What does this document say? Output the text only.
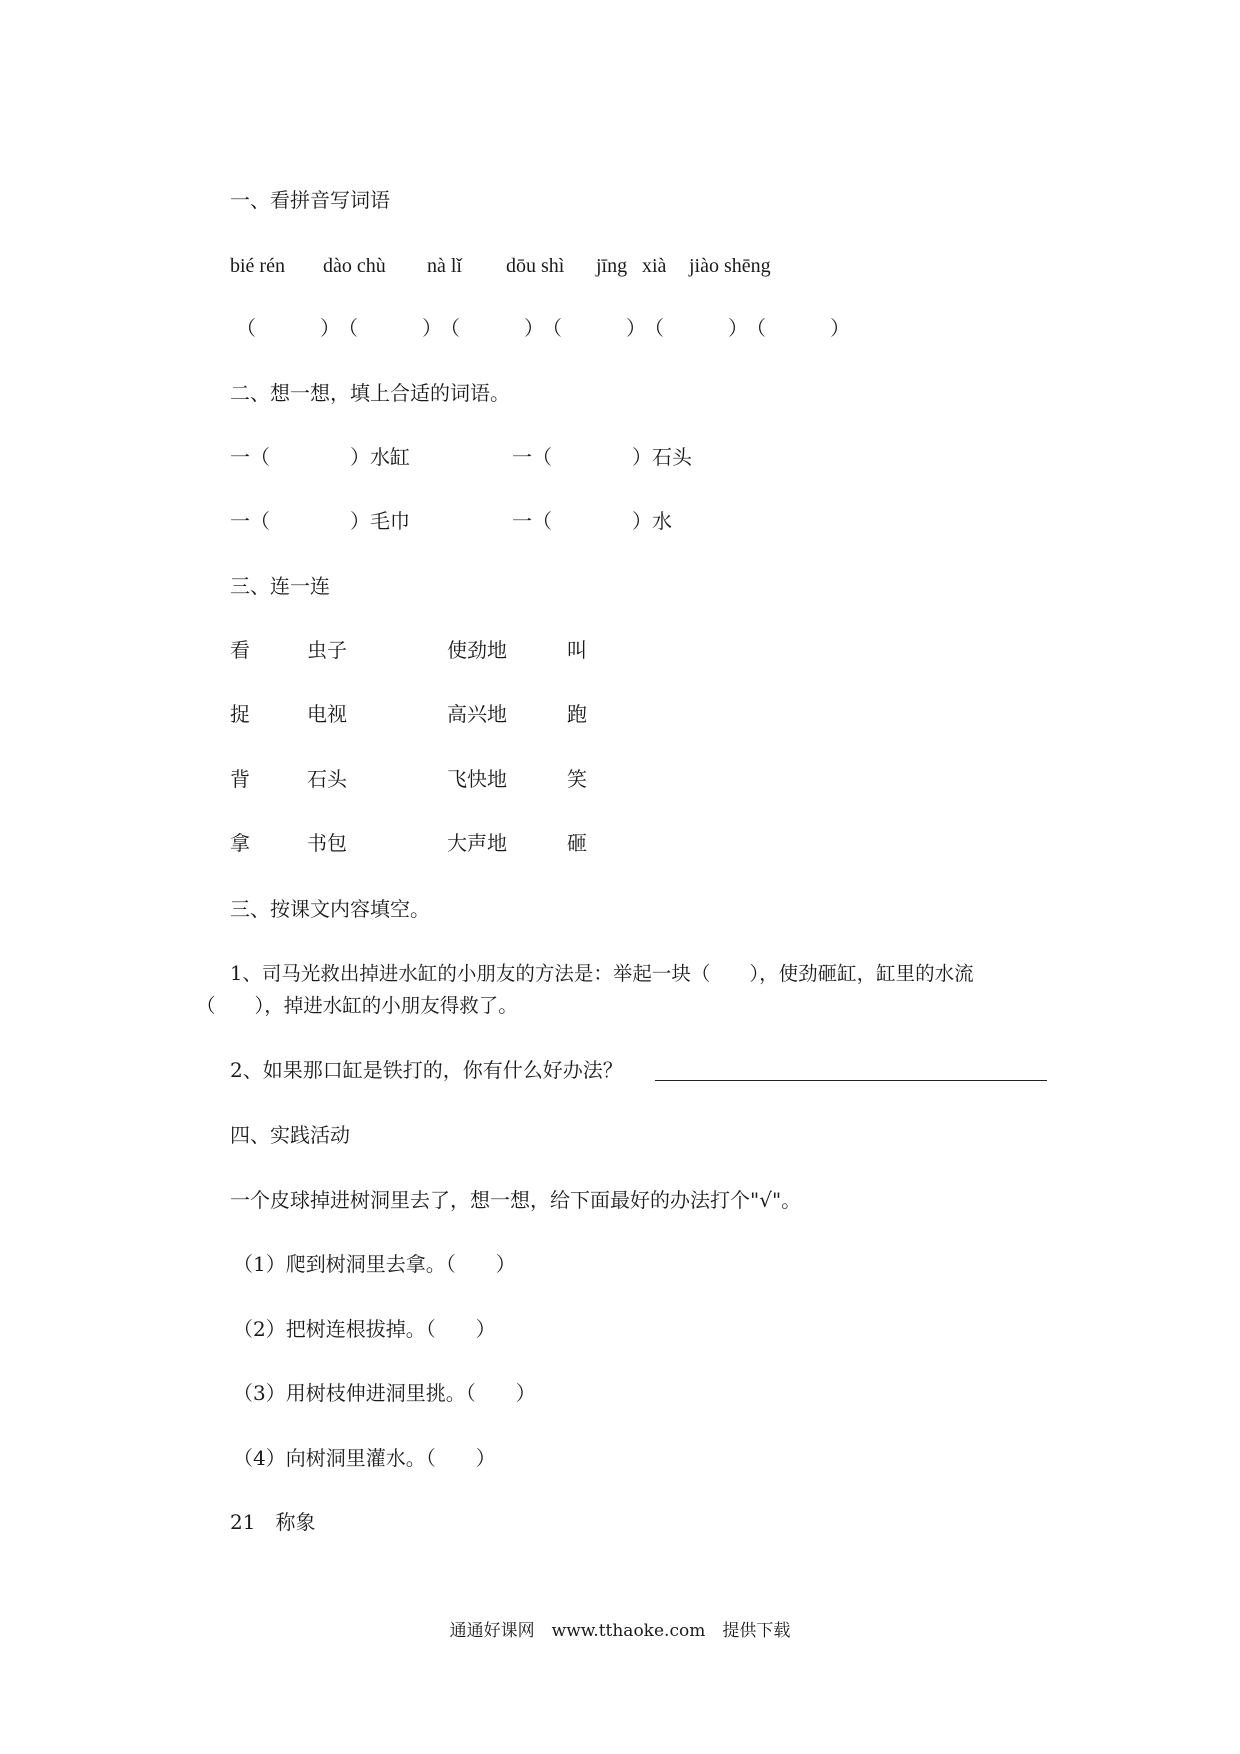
一、看拼音写词语
bié rén dào chù nà lǐ dōu shì jīng xià jiào shēng
（　　）（　　）（　　）（　　）（　　）（　　）
二、想一想，填上合适的词语。
一（　　　　）水缸	一（　　　　）石头
一（　　　　）毛巾	一（　　　　）水
三、连一连
看	虫子	使劲地	叫
捉	电视	高兴地	跑
背	石头	飞快地	笑
拿	书包	大声地	砸
三、按课文内容填空。
1、司马光救出掉进水缸的小朋友的方法是：举起一块（　　），使劲砸缸，缸里的水流
（　　），掉进水缸的小朋友得救了。
2、如果那口缸是铁打的，你有什么好办法？
四、实践活动
一个皮球掉进树洞里去了，想一想，给下面最好的办法打个"√"。
（1）爬到树洞里去拿。（　　）
（2）把树连根拔掉。（　　）
（3）用树枝伸进洞里挑。（　　）
（4）向树洞里灌水。（　　）
21　称象
通通好课网　www.tthaoke.com　提供下载
